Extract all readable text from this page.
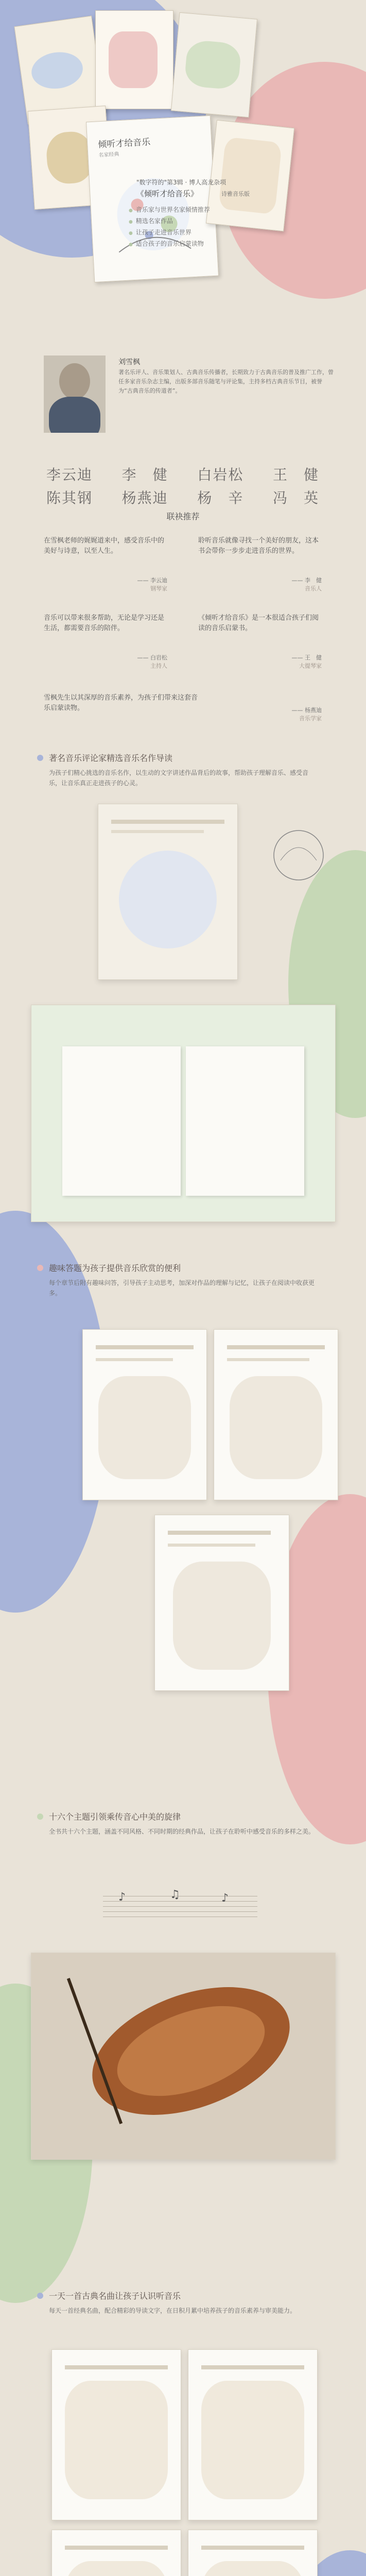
倾听才给音乐
名家经典
"数字符的"第3辑 · 博人高龙杂项
《倾听才给音乐》	诗雅音乐版
● 音乐家与世界名家倾情推荐
● 精选名家作品
● 让孩子走进音乐世界
● 适合孩子的音乐启蒙读物
刘雪枫
著名乐评人、音乐策划人、古典音乐传播者，长期致力于古典音乐的普及推广工作，曾任多家音乐杂志主编，出版多部音乐随笔与评论集，主持多档古典音乐节目，被誉为“古典音乐的传道者”。
李云迪 李　健 白岩松 王　健
陈其钢 杨燕迪 杨　辛 冯　英
联袂推荐
在雪枫老师的娓娓道来中，感受音乐中的美好与诗意，以至人生。
—— 李云迪
钢琴家
聆听音乐就像寻找一个美好的朋友，这本书会带你一步步走进音乐的世界。
—— 李　健
音乐人
音乐可以带来很多帮助，无论是学习还是生活，都需要音乐的陪伴。
—— 白岩松
主持人
《倾听才给音乐》是一本很适合孩子们阅读的音乐启蒙书。
—— 王　健
大提琴家
雪枫先生以其深厚的音乐素养，为孩子们带来这套音乐启蒙读物。	—— 杨燕迪
音乐学家
著名音乐评论家精选音乐名作导读
为孩子们精心挑选的音乐名作，以生动的文字讲述作品背后的故事，帮助孩子理解音乐、感受音乐，让音乐真正走进孩子的心灵。
趣味答题为孩子提供音乐欣赏的便利
每个章节后附有趣味问答，引导孩子主动思考，加深对作品的理解与记忆，让孩子在阅读中收获更多。
十六个主题引领乘传音心中美的旋律
全书共十六个主题，涵盖不同风格、不同时期的经典作品，让孩子在聆听中感受音乐的多样之美。
♪	♫	♪
一天一首古典名曲让孩子认识听音乐
每天一首经典名曲，配合精彩的导读文字，在日积月累中培养孩子的音乐素养与审美能力。
